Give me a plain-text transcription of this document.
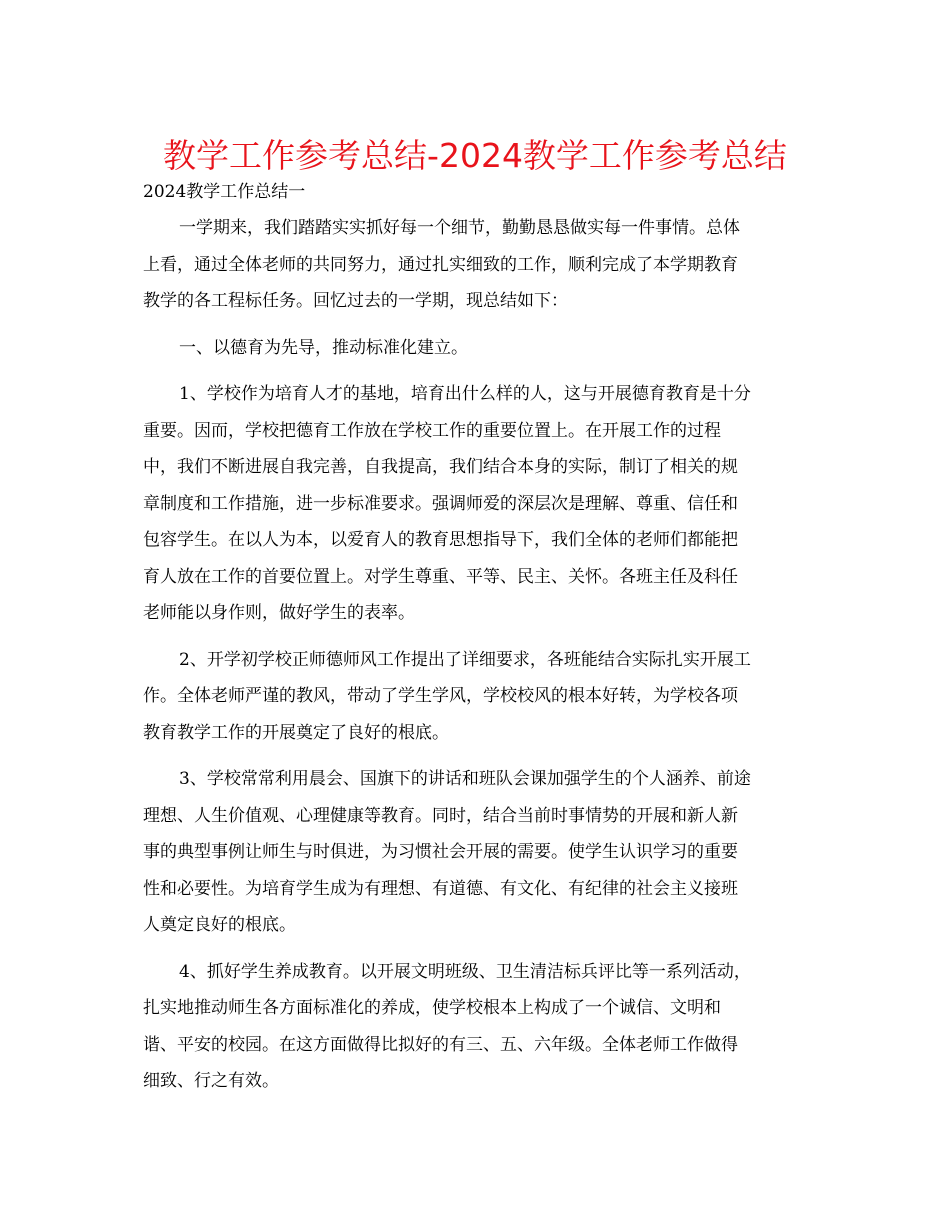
教学工作参考总结-2024教学工作参考总结
2024教学工作总结一

一学期来，我们踏踏实实抓好每一个细节，勤勤恳恳做实每一件事情。总体
上看，通过全体老师的共同努力，通过扎实细致的工作，顺利完成了本学期教育
教学的各工程标任务。回忆过去的一学期，现总结如下：

一、以德育为先导，推动标准化建立。

1、学校作为培育人才的基地，培育出什么样的人，这与开展德育教育是十分
重要。因而，学校把德育工作放在学校工作的重要位置上。在开展工作的过程
中，我们不断进展自我完善，自我提高，我们结合本身的实际，制订了相关的规
章制度和工作措施，进一步标准要求。强调师爱的深层次是理解、尊重、信任和
包容学生。在以人为本，以爱育人的教育思想指导下，我们全体的老师们都能把
育人放在工作的首要位置上。对学生尊重、平等、民主、关怀。各班主任及科任
老师能以身作则，做好学生的表率。

2、开学初学校正师德师风工作提出了详细要求，各班能结合实际扎实开展工
作。全体老师严谨的教风，带动了学生学风，学校校风的根本好转，为学校各项
教育教学工作的开展奠定了良好的根底。

3、学校常常利用晨会、国旗下的讲话和班队会课加强学生的个人涵养、前途
理想、人生价值观、心理健康等教育。同时，结合当前时事情势的开展和新人新
事的典型事例让师生与时俱进，为习惯社会开展的需要。使学生认识学习的重要
性和必要性。为培育学生成为有理想、有道德、有文化、有纪律的社会主义接班
人奠定良好的根底。

4、抓好学生养成教育。以开展文明班级、卫生清洁标兵评比等一系列活动，
扎实地推动师生各方面标准化的养成，使学校根本上构成了一个诚信、文明和
谐、平安的校园。在这方面做得比拟好的有三、五、六年级。全体老师工作做得
细致、行之有效。
